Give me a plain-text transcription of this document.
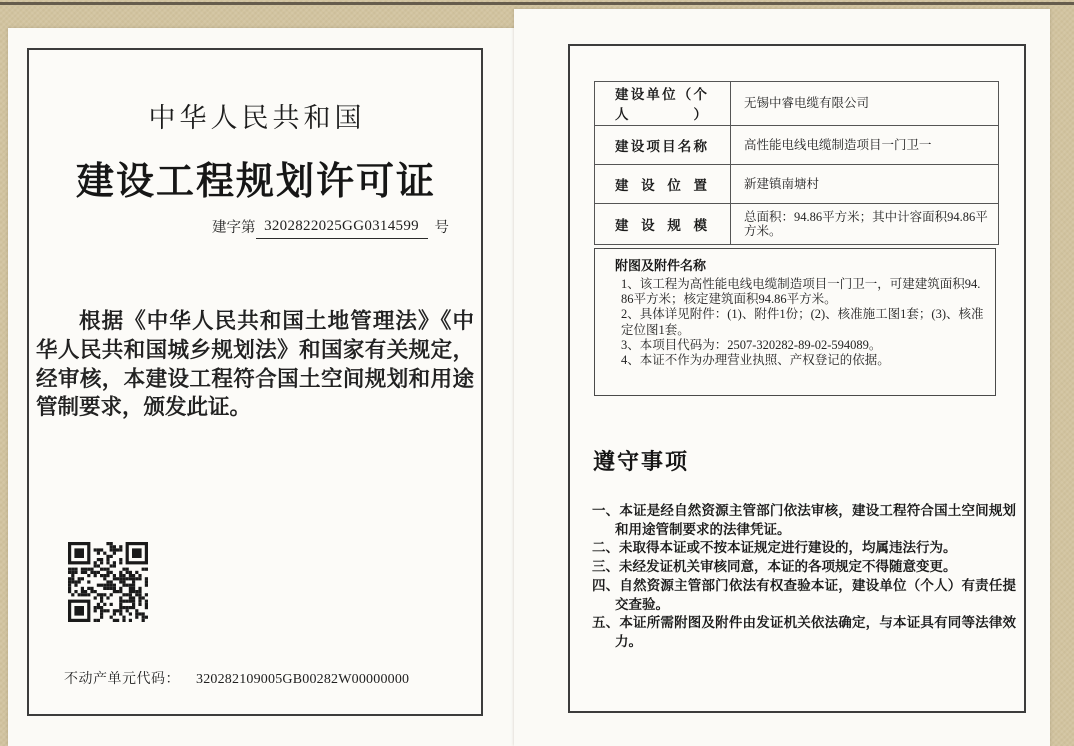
中华人民共和国
建设工程规划许可证
建字第 3202822025GG0314599	号

根据《中华人民共和国土地管理法》《中华人民共和国城乡规划法》和国家有关规定，经审核，本建设工程符合国土空间规划和用途管制要求，颁发此证。

不动产单元代码： 320282109005GB00282W00000000
建设单位（个人）	无锡中睿电缆有限公司
建设项目名称	高性能电线电缆制造项目一门卫一
建设位置	新建镇南塘村
建设规模	总面积：94.86平方米；其中计容面积94.86平方米。
附图及附件名称
1、该工程为高性能电线电缆制造项目一门卫一，可建建筑面积94.86平方米；核定建筑面积94.86平方米。
2、具体详见附件：(1)、附件1份；(2)、核准施工图1套；(3)、核准定位图1套。
3、本项目代码为：2507-320282-89-02-594089。
4、本证不作为办理营业执照、产权登记的依据。
遵守事项
一、本证是经自然资源主管部门依法审核，建设工程符合国土空间规划和用途管制要求的法律凭证。
二、未取得本证或不按本证规定进行建设的，均属违法行为。
三、未经发证机关审核同意，本证的各项规定不得随意变更。
四、自然资源主管部门依法有权查验本证，建设单位（个人）有责任提交查验。
五、本证所需附图及附件由发证机关依法确定，与本证具有同等法律效力。
